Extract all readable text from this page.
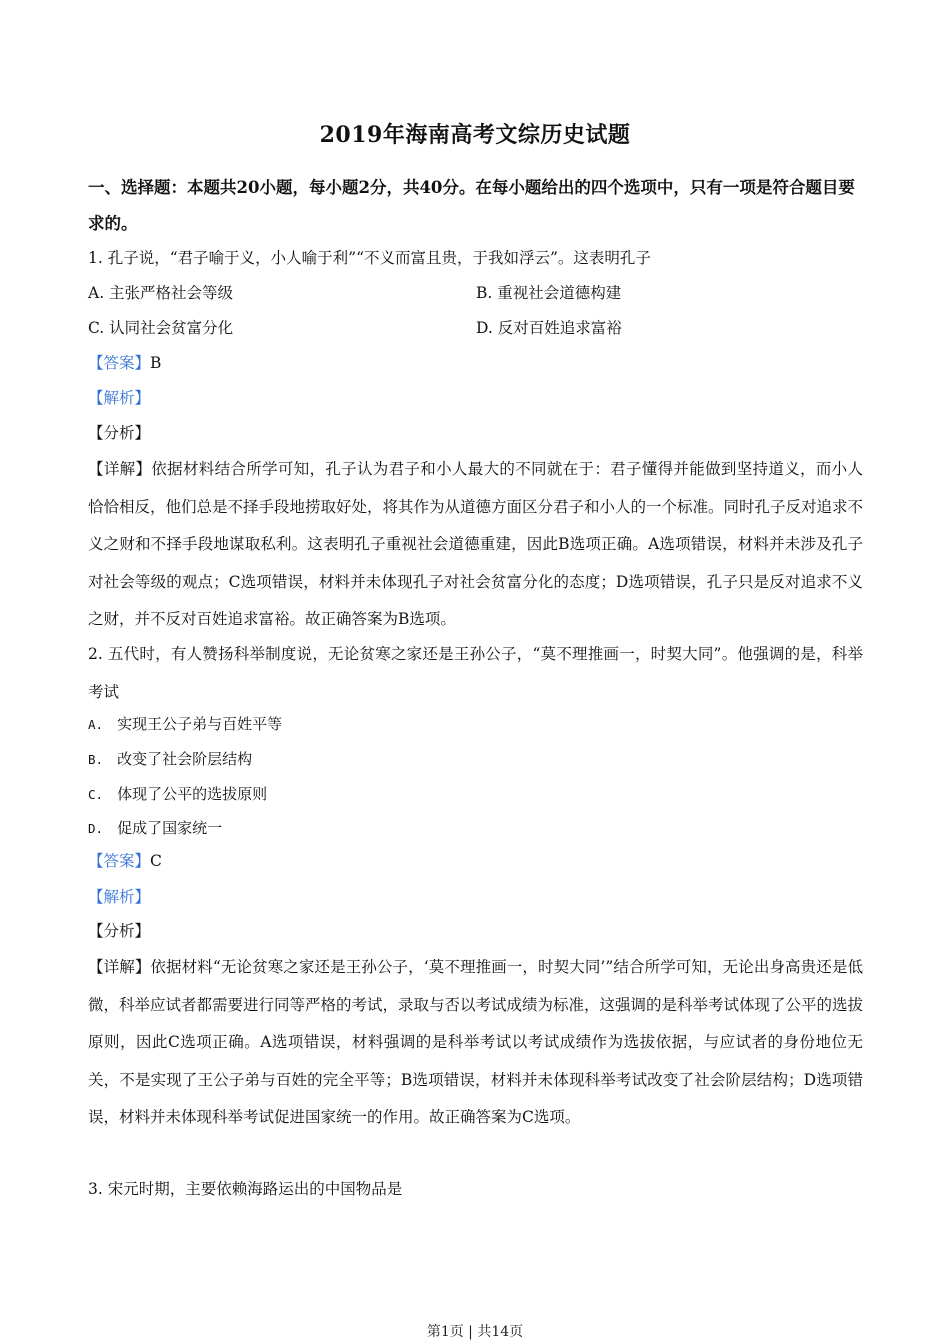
2019年海南高考文综历史试题
一、选择题：本题共20小题，每小题2分，共40分。在每小题给出的四个选项中，只有一项是符合题目要求的。
1. 孔子说，“君子喻于义，小人喻于利”“不义而富且贵，于我如浮云”。这表明孔子
A. 主张严格社会等级	B. 重视社会道德构建
C. 认同社会贫富分化	D. 反对百姓追求富裕
【答案】B
【解析】
【分析】
【详解】依据材料结合所学可知，孔子认为君子和小人最大的不同就在于：君子懂得并能做到坚持道义，而小人恰恰相反，他们总是不择手段地捞取好处，将其作为从道德方面区分君子和小人的一个标准。同时孔子反对追求不义之财和不择手段地谋取私利。这表明孔子重视社会道德重建，因此B选项正确。A选项错误，材料并未涉及孔子对社会等级的观点；C选项错误，材料并未体现孔子对社会贫富分化的态度；D选项错误，孔子只是反对追求不义之财，并不反对百姓追求富裕。故正确答案为B选项。
2. 五代时，有人赞扬科举制度说，无论贫寒之家还是王孙公子，“莫不理推画一，时契大同”。他强调的是，科举考试
A. 实现王公子弟与百姓平等
B. 改变了社会阶层结构
C. 体现了公平的选拔原则
D. 促成了国家统一
【答案】C
【解析】
【分析】
【详解】依据材料“无论贫寒之家还是王孙公子，‘莫不理推画一，时契大同’”结合所学可知，无论出身高贵还是低微，科举应试者都需要进行同等严格的考试，录取与否以考试成绩为标准，这强调的是科举考试体现了公平的选拔原则，因此C选项正确。A选项错误，材料强调的是科举考试以考试成绩作为选拔依据，与应试者的身份地位无关，不是实现了王公子弟与百姓的完全平等；B选项错误，材料并未体现科举考试改变了社会阶层结构；D选项错误，材料并未体现科举考试促进国家统一的作用。故正确答案为C选项。
3. 宋元时期，主要依赖海路运出的中国物品是
第1页 | 共14页
